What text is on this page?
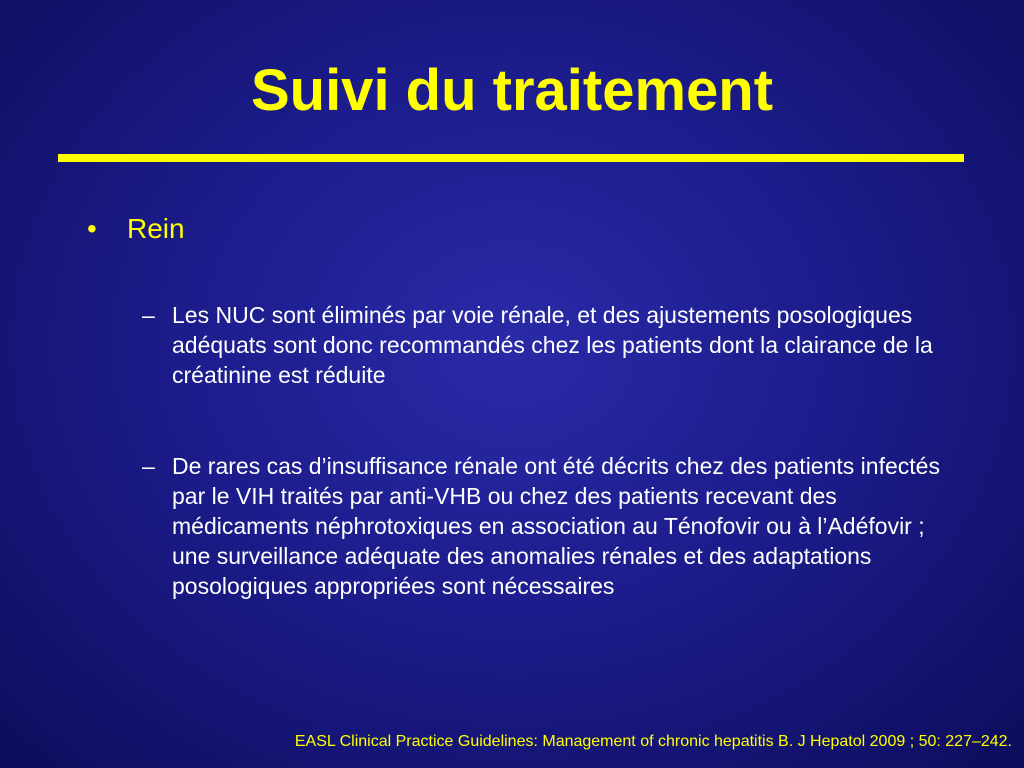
Suivi du traitement
• Rein
– Les NUC sont éliminés par voie rénale, et des ajustements posologiques adéquats sont donc recommandés chez les patients dont la clairance de la créatinine est réduite
– De rares cas d’insuffisance rénale ont été décrits chez des patients infectés par le VIH traités par anti-VHB ou chez des patients recevant des médicaments néphrotoxiques en association au Ténofovir ou à l’Adéfovir ; une surveillance adéquate des anomalies rénales et des adaptations posologiques appropriées sont nécessaires
EASL Clinical Practice Guidelines: Management of chronic hepatitis B. J Hepatol 2009 ; 50: 227–242.
